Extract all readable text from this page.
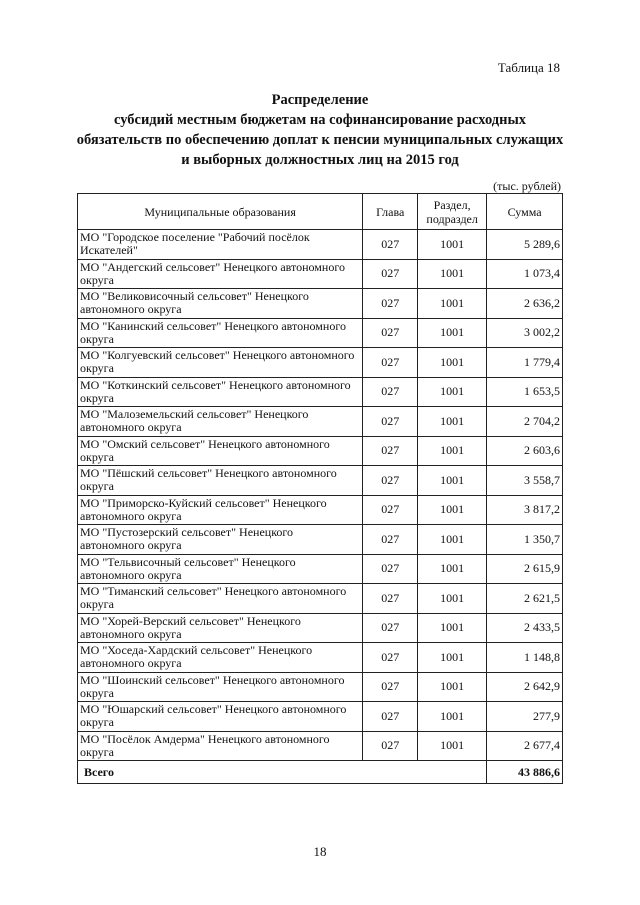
Таблица 18
Распределение
субсидий местным бюджетам на софинансирование расходных
обязательств по обеспечению доплат к пенсии муниципальных служащих
и выборных должностных лиц на 2015 год
(тыс. рублей)
Муниципальные образования	Глава	Раздел, подраздел	Сумма
МО "Городское поселение "Рабочий посёлок Искателей"	027	1001	5 289,6
МО "Андегский сельсовет" Ненецкого автономного округа	027	1001	1 073,4
МО "Великовисочный сельсовет" Ненецкого автономного округа	027	1001	2 636,2
МО "Канинский сельсовет" Ненецкого автономного округа	027	1001	3 002,2
МО "Колгуевский сельсовет" Ненецкого автономного округа	027	1001	1 779,4
МО "Коткинский сельсовет" Ненецкого автономного округа	027	1001	1 653,5
МО "Малоземельский сельсовет" Ненецкого автономного округа	027	1001	2 704,2
МО "Омский сельсовет" Ненецкого автономного округа	027	1001	2 603,6
МО "Пёшский сельсовет" Ненецкого автономного округа	027	1001	3 558,7
МО "Приморско-Куйский сельсовет" Ненецкого автономного округа	027	1001	3 817,2
МО "Пустозерский сельсовет" Ненецкого автономного округа	027	1001	1 350,7
МО "Тельвисочный сельсовет" Ненецкого автономного округа	027	1001	2 615,9
МО "Тиманский сельсовет" Ненецкого автономного округа	027	1001	2 621,5
МО "Хорей-Верский сельсовет" Ненецкого автономного округа	027	1001	2 433,5
МО "Хоседа-Хардский сельсовет" Ненецкого автономного округа	027	1001	1 148,8
МО "Шоинский сельсовет" Ненецкого автономного округа	027	1001	2 642,9
МО "Юшарский сельсовет" Ненецкого автономного округа	027	1001	277,9
МО "Посёлок Амдерма" Ненецкого автономного округа	027	1001	2 677,4
Всего			43 886,6
18
